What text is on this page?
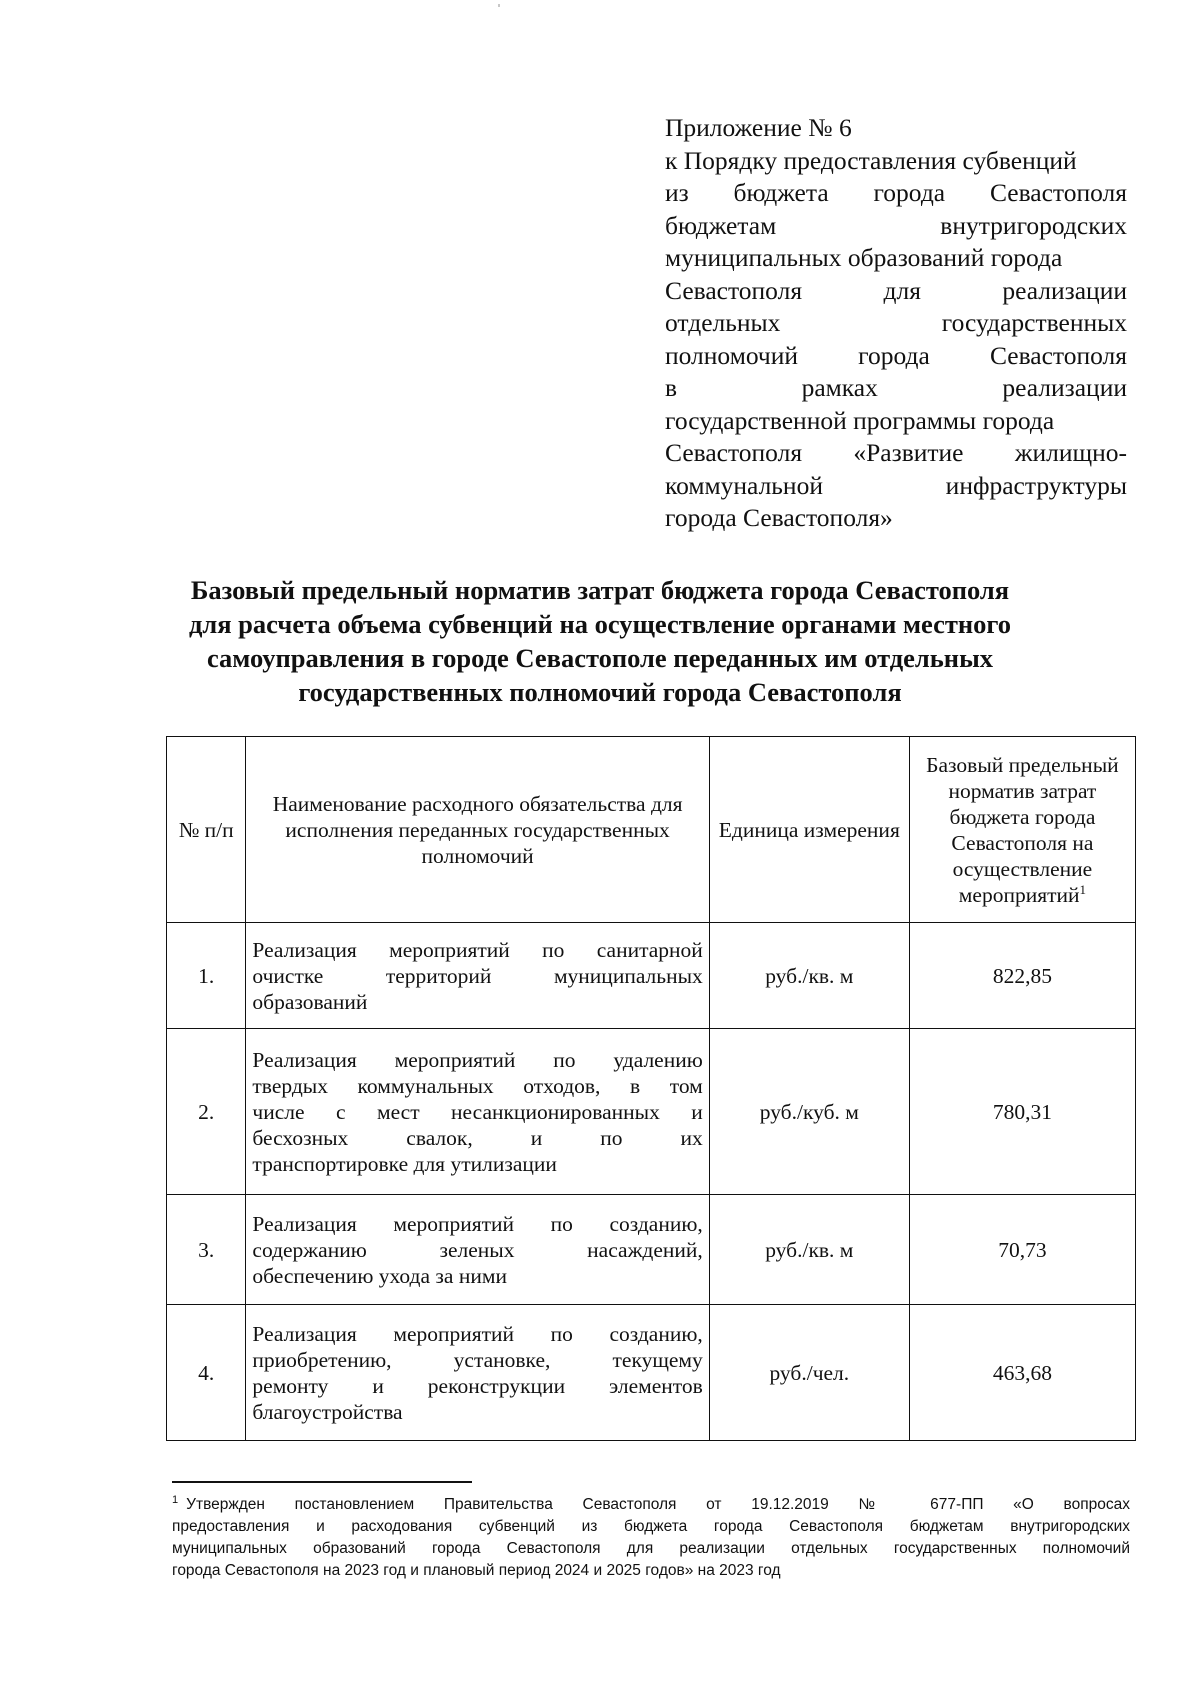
Приложение № 6
к Порядку предоставления субвенций
из бюджета города Севастополя
бюджетам внутригородских
муниципальных образований города
Севастополя для реализации
отдельных государственных
полномочий города Севастополя
в рамках реализации
государственной программы города
Севастополя «Развитие жилищно-
коммунальной инфраструктуры
города Севастополя»
Базовый предельный норматив затрат бюджета города Севастополя
для расчета объема субвенций на осуществление органами местного
самоуправления в городе Севастополе переданных им отдельных
государственных полномочий города Севастополя
№ п/п	Наименование расходного обязательства для исполнения переданных государственных полномочий	Единица измерения	Базовый предельный норматив затрат бюджета города Севастополя на осуществление мероприятий$^1$
1.	Реализация мероприятий по санитарной
очистке территорий муниципальных
образований	руб./кв. м	822,85
2.	Реализация мероприятий по удалению
твердых коммунальных отходов, в том
числе с мест несанкционированных и
бесхозных свалок, и по их
транспортировке для утилизации	руб./куб. м	780,31
3.	Реализация мероприятий по созданию,
содержанию зеленых насаждений,
обеспечению ухода за ними	руб./кв. м	70,73
4.	Реализация мероприятий по созданию,
приобретению, установке, текущему
ремонту и реконструкции элементов
благоустройства	руб./чел.	463,68
$^1$ Утвержден постановлением Правительства Севастополя от 19.12.2019 № 677-ПП «О вопросах
предоставления и расходования субвенций из бюджета города Севастополя бюджетам внутригородских
муниципальных образований города Севастополя для реализации отдельных государственных полномочий
города Севастополя на 2023 год и плановый период 2024 и 2025 годов» на 2023 год
